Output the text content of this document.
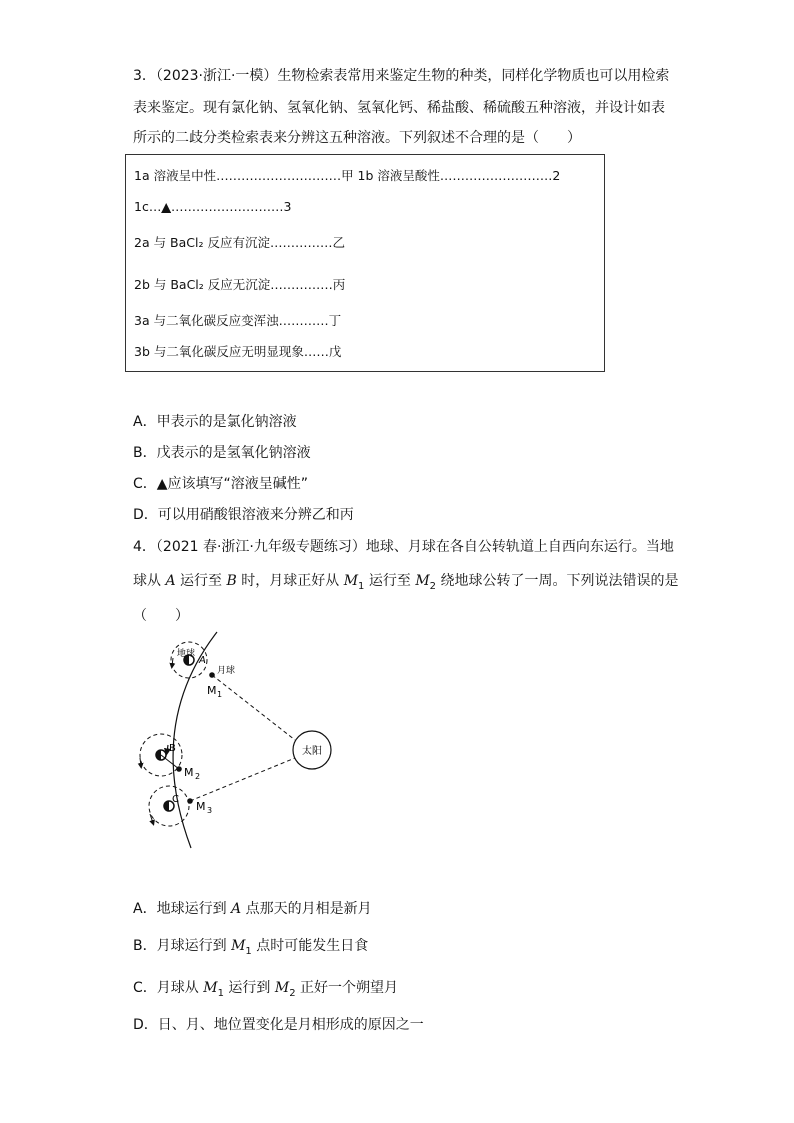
3．（2023·浙江·一模）生物检索表常用来鉴定生物的种类，同样化学物质也可以用检索
表来鉴定。现有氯化钠、氢氧化钠、氢氧化钙、稀盐酸、稀硫酸五种溶液，并设计如表
所示的二歧分类检索表来分辨这五种溶液。下列叙述不合理的是（　　）
1a 溶液呈中性…………………………甲 1b 溶液呈酸性………………………2
1c…▲………………………3
2a 与 BaCl₂ 反应有沉淀……………乙
2b 与 BaCl₂ 反应无沉淀……………丙
3a 与二氧化碳反应变浑浊…………丁
3b 与二氧化碳反应无明显现象……戊
A．甲表示的是氯化钠溶液
B．戊表示的是氢氧化钠溶液
C．▲应该填写“溶液呈碱性”
D．可以用硝酸银溶液来分辨乙和丙
4．（2021 春·浙江·九年级专题练习）地球、月球在各自公转轨道上自西向东运行。当地
球从 A 运行至 B 时，月球正好从 $M_1$ 运行至 $M_2$ 绕地球公转了一周。下列说法错误的是
（　　）
地球
A
月球
M 1
B
M 2
C
M 3
太阳
A．地球运行到 A 点那天的月相是新月
B．月球运行到 $M_1$ 点时可能发生日食
C．月球从 $M_1$ 运行到 $M_2$ 正好一个朔望月
D．日、月、地位置变化是月相形成的原因之一
